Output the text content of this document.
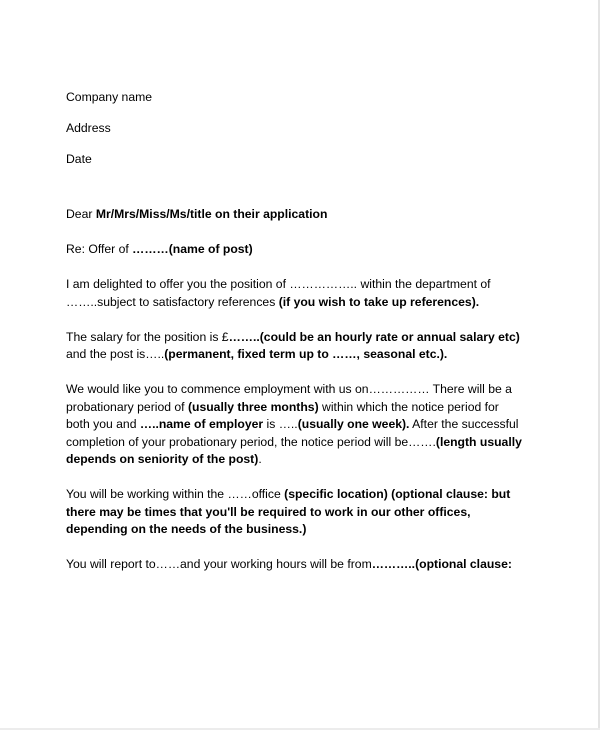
Company name
Address
Date
Dear Mr/Mrs/Miss/Ms/title on their application
Re: Offer of ………(name of post)
I am delighted to offer you the position of …………….. within the department of
……..subject to satisfactory references (if you wish to take up references).
The salary for the position is £……..(could be an hourly rate or annual salary etc)
and the post is…..(permanent, fixed term up to ……, seasonal etc.).
We would like you to commence employment with us on…………… There will be a
probationary period of (usually three months) within which the notice period for
both you and …..name of employer is …..(usually one week). After the successful
completion of your probationary period, the notice period will be…….(length usually
depends on seniority of the post).
You will be working within the ……office (specific location) (optional clause: but
there may be times that you'll be required to work in our other offices,
depending on the needs of the business.)
You will report to……and your working hours will be from………..(optional clause:
